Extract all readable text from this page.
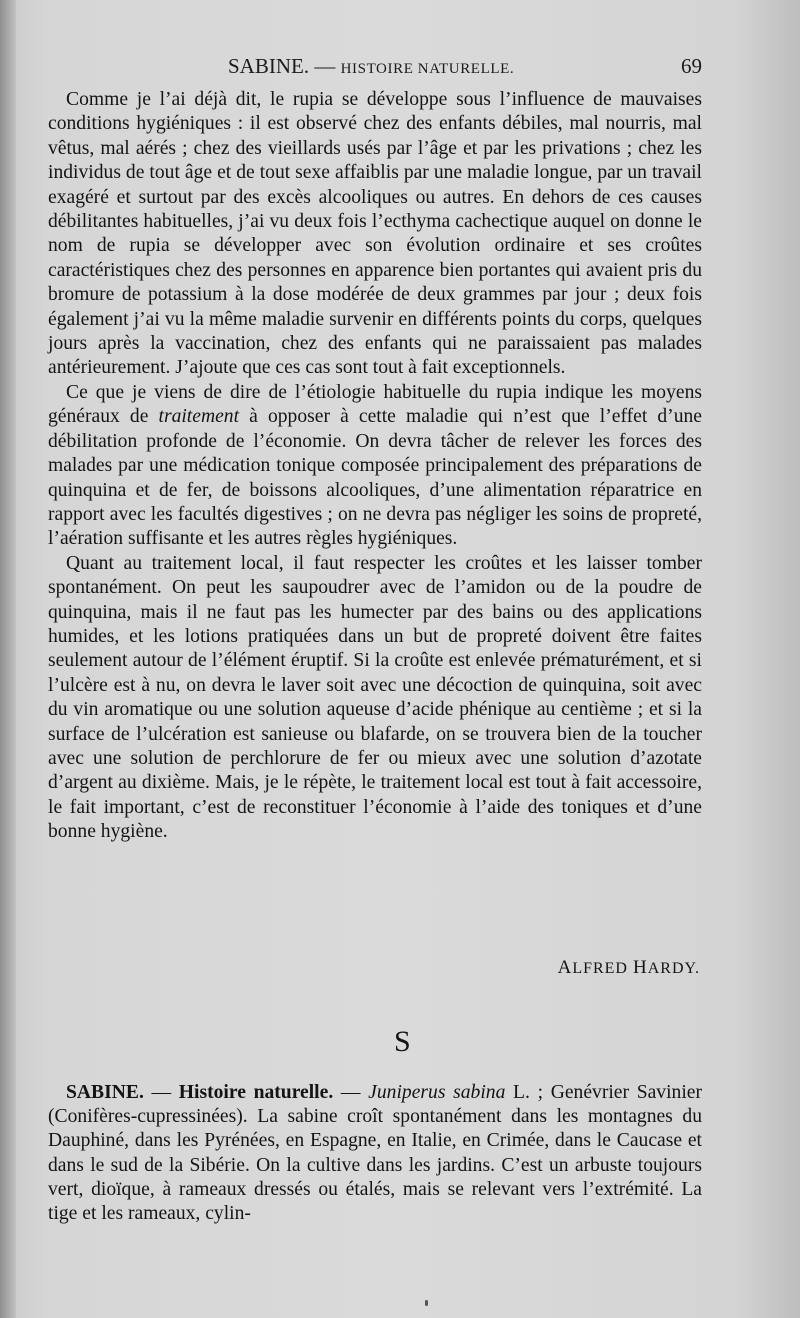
SABINE. — HISTOIRE NATURELLE.	69

Comme je l’ai déjà dit, le rupia se développe sous l’influence de mauvaises conditions hygiéniques : il est observé chez des enfants débiles, mal nourris, mal vêtus, mal aérés ; chez des vieillards usés par l’âge et par les privations ; chez les individus de tout âge et de tout sexe affaiblis par une maladie longue, par un travail exagéré et surtout par des excès alcooliques ou autres. En dehors de ces causes débilitantes habituelles, j’ai vu deux fois l’ecthyma cachectique auquel on donne le nom de rupia se développer avec son évolution ordinaire et ses croûtes caractéristiques chez des personnes en apparence bien portantes qui avaient pris du bromure de potassium à la dose modérée de deux grammes par jour ; deux fois également j’ai vu la même maladie survenir en différents points du corps, quelques jours après la vaccination, chez des enfants qui ne paraissaient pas malades antérieurement. J’ajoute que ces cas sont tout à fait exceptionnels.

Ce que je viens de dire de l’étiologie habituelle du rupia indique les moyens généraux de traitement à opposer à cette maladie qui n’est que l’effet d’une débilitation profonde de l’économie. On devra tâcher de relever les forces des malades par une médication tonique composée principalement des préparations de quinquina et de fer, de boissons alcooliques, d’une alimentation réparatrice en rapport avec les facultés digestives ; on ne devra pas négliger les soins de propreté, l’aération suffisante et les autres règles hygiéniques.

Quant au traitement local, il faut respecter les croûtes et les laisser tomber spontanément. On peut les saupoudrer avec de l’amidon ou de la poudre de quinquina, mais il ne faut pas les humecter par des bains ou des applications humides, et les lotions pratiquées dans un but de propreté doivent être faites seulement autour de l’élément éruptif. Si la croûte est enlevée prématurément, et si l’ulcère est à nu, on devra le laver soit avec une décoction de quinquina, soit avec du vin aromatique ou une solution aqueuse d’acide phénique au centième ; et si la surface de l’ulcération est sanieuse ou blafarde, on se trouvera bien de la toucher avec une solution de perchlorure de fer ou mieux avec une solution d’azotate d’argent au dixième. Mais, je le répète, le traitement local est tout à fait accessoire, le fait important, c’est de reconstituer l’économie à l’aide des toniques et d’une bonne hygiène.

ALFRED HARDY.
S

SABINE. — Histoire naturelle. — Juniperus sabina L. ; Genévrier Savinier (Conifères-cupressinées). La sabine croît spontanément dans les montagnes du Dauphiné, dans les Pyrénées, en Espagne, en Italie, en Crimée, dans le Caucase et dans le sud de la Sibérie. On la cultive dans les jardins. C’est un arbuste toujours vert, dioïque, à rameaux dressés ou étalés, mais se relevant vers l’extrémité. La tige et les rameaux, cylin-
